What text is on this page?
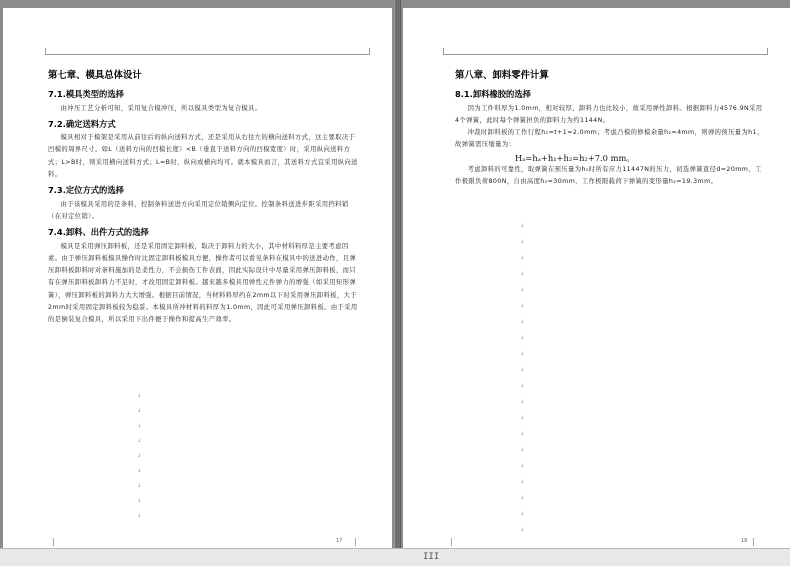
第七章、模具总体设计
7.1.模具类型的选择

由冲压工艺分析可知，采用复合模冲压，所以模具类型为复合模具。

7.2.确定送料方式

模具相对于模架是采用从前往后的纵向送料方式，还是采用从右往左的横向送料方式，这主要取决于凹模的周界尺寸。如L（送料方向的凹模长度）<B（垂直于送料方向的凹模宽度）时，采用纵向送料方式；L>B时，则采用横向送料方式；L=B时，纵向或横向均可。就本模具而言，其送料方式宜采用纵向送料。

7.3.定位方式的选择

由于该模具采用的是条料，控制条料送进方向采用定位销侧向定位。控制条料送进步距采用挡料销（在对定位销）。

7.4.卸料、出件方式的选择

模具是采用弹压卸料板，还是采用固定卸料板，取决于卸料力的大小，其中材料料厚是主要考虑因素。由于弹压卸料板模具操作时比固定卸料板模具方便，操作者可以看见条料在模具中的送进动作，且弹压卸料板卸料时对条料施加的是柔性力，不会损伤工件表面，因此实际设计中尽量采用弹压卸料板，而只有在弹压卸料板卸料力不足时，才改用固定卸料板。越来越多模具用弹性元件弹力的增强（如采用矩形弹簧），弹压卸料板的卸料力大大增强。根据目前情况，当材料料厚约在2mm以下时采用弹压卸料板，大于2mm时采用固定卸料板较为稳妥。本模具所冲材料的料厚为1.0mm，因此可采用弹压卸料板。由于采用的是倒装复合模具，所以采用下出件便于操作和提高生产效率。

↓
↓
↓
↓
↓
↓
↓
↓
↓
17
第八章、卸料零件计算
8.1.卸料橡胶的选择

因为工件料厚为1.0mm，相对较厚，卸料力也比较小，故采用弹性卸料。根据卸料力4576.9N采用4个弹簧，此时每个弹簧担负的卸料力为约1144N。

冲裁时卸料板的工作行程h₁=t+1=2.0mm；考虑凸模的修模余量h₂=4mm，则弹的预压量为h1，故弹簧需压缩量为：

Hₐ=hₐ+h₁+h₂=h₂+7.0 mm。

考虑卸料的可靠性，取弹簧在预压量为h₀时所有应力11447N的压力，初选弹簧直径d=20mm，工作极限负荷800N，自由高度h₀=30mm，工作极限载荷下弹簧的变形量h₂=19.3mm。

↓
↓
↓
↓
↓
↓
↓
↓
↓
↓
↓
↓
↓
↓
↓
↓
↓
↓
↓
↓
18
III
